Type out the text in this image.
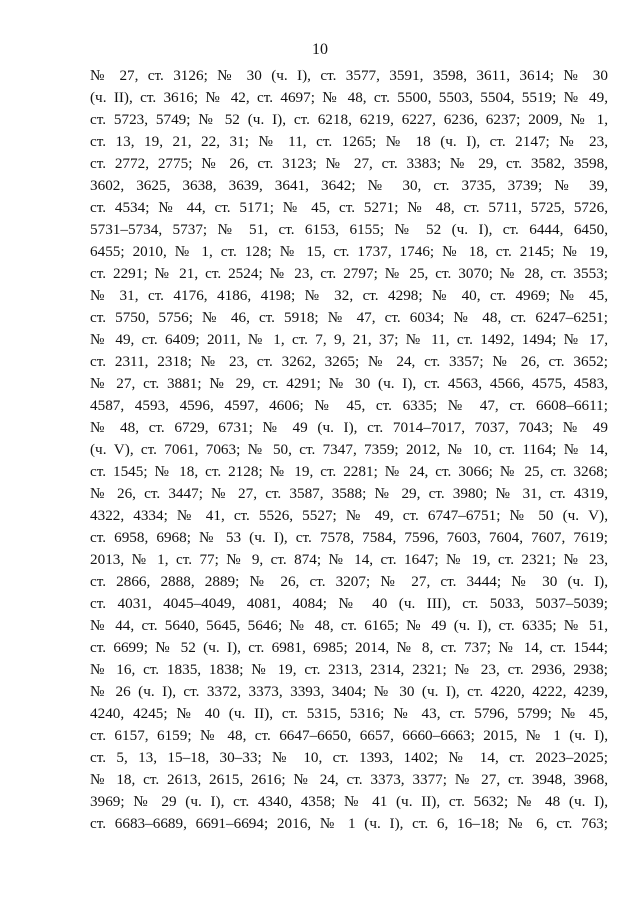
10
№ 27, ст. 3126; № 30 (ч. I), ст. 3577, 3591, 3598, 3611, 3614; № 30
(ч. II), ст. 3616; № 42, ст. 4697; № 48, ст. 5500, 5503, 5504, 5519; № 49,
ст. 5723, 5749; № 52 (ч. I), ст. 6218, 6219, 6227, 6236, 6237; 2009, № 1,
ст. 13, 19, 21, 22, 31; № 11, ст. 1265; № 18 (ч. I), ст. 2147; № 23,
ст. 2772, 2775; № 26, ст. 3123; № 27, ст. 3383; № 29, ст. 3582, 3598,
3602, 3625, 3638, 3639, 3641, 3642; № 30, ст. 3735, 3739; № 39,
ст. 4534; № 44, ст. 5171; № 45, ст. 5271; № 48, ст. 5711, 5725, 5726,
5731–5734, 5737; № 51, ст. 6153, 6155; № 52 (ч. I), ст. 6444, 6450,
6455; 2010, № 1, ст. 128; № 15, ст. 1737, 1746; № 18, ст. 2145; № 19,
ст. 2291; № 21, ст. 2524; № 23, ст. 2797; № 25, ст. 3070; № 28, ст. 3553;
№ 31, ст. 4176, 4186, 4198; № 32, ст. 4298; № 40, ст. 4969; № 45,
ст. 5750, 5756; № 46, ст. 5918; № 47, ст. 6034; № 48, ст. 6247–6251;
№ 49, ст. 6409; 2011, № 1, ст. 7, 9, 21, 37; № 11, ст. 1492, 1494; № 17,
ст. 2311, 2318; № 23, ст. 3262, 3265; № 24, ст. 3357; № 26, ст. 3652;
№ 27, ст. 3881; № 29, ст. 4291; № 30 (ч. I), ст. 4563, 4566, 4575, 4583,
4587, 4593, 4596, 4597, 4606; № 45, ст. 6335; № 47, ст. 6608–6611;
№ 48, ст. 6729, 6731; № 49 (ч. I), ст. 7014–7017, 7037, 7043; № 49
(ч. V), ст. 7061, 7063; № 50, ст. 7347, 7359; 2012, № 10, ст. 1164; № 14,
ст. 1545; № 18, ст. 2128; № 19, ст. 2281; № 24, ст. 3066; № 25, ст. 3268;
№ 26, ст. 3447; № 27, ст. 3587, 3588; № 29, ст. 3980; № 31, ст. 4319,
4322, 4334; № 41, ст. 5526, 5527; № 49, ст. 6747–6751; № 50 (ч. V),
ст. 6958, 6968; № 53 (ч. I), ст. 7578, 7584, 7596, 7603, 7604, 7607, 7619;
2013, № 1, ст. 77; № 9, ст. 874; № 14, ст. 1647; № 19, ст. 2321; № 23,
ст. 2866, 2888, 2889; № 26, ст. 3207; № 27, ст. 3444; № 30 (ч. I),
ст. 4031, 4045–4049, 4081, 4084; № 40 (ч. III), ст. 5033, 5037–5039;
№ 44, ст. 5640, 5645, 5646; № 48, ст. 6165; № 49 (ч. I), ст. 6335; № 51,
ст. 6699; № 52 (ч. I), ст. 6981, 6985; 2014, № 8, ст. 737; № 14, ст. 1544;
№ 16, ст. 1835, 1838; № 19, ст. 2313, 2314, 2321; № 23, ст. 2936, 2938;
№ 26 (ч. I), ст. 3372, 3373, 3393, 3404; № 30 (ч. I), ст. 4220, 4222, 4239,
4240, 4245; № 40 (ч. II), ст. 5315, 5316; № 43, ст. 5796, 5799; № 45,
ст. 6157, 6159; № 48, ст. 6647–6650, 6657, 6660–6663; 2015, № 1 (ч. I),
ст. 5, 13, 15–18, 30–33; № 10, ст. 1393, 1402; № 14, ст. 2023–2025;
№ 18, ст. 2613, 2615, 2616; № 24, ст. 3373, 3377; № 27, ст. 3948, 3968,
3969; № 29 (ч. I), ст. 4340, 4358; № 41 (ч. II), ст. 5632; № 48 (ч. I),
ст. 6683–6689, 6691–6694; 2016, № 1 (ч. I), ст. 6, 16–18; № 6, ст. 763;
